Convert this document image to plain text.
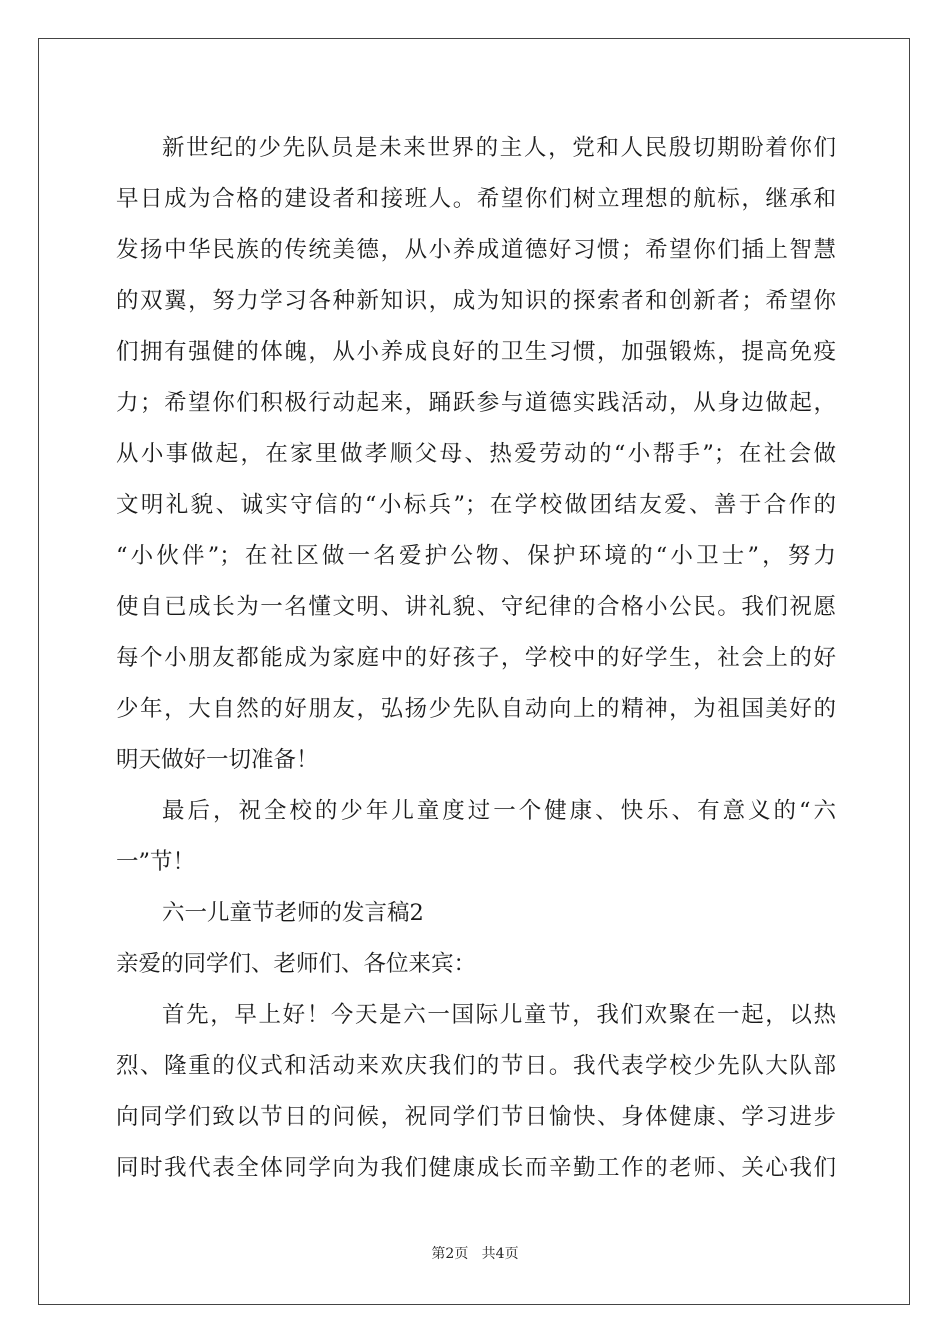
新世纪的少先队员是未来世界的主人，党和人民殷切期盼着你们
早日成为合格的建设者和接班人。希望你们树立理想的航标，继承和
发扬中华民族的传统美德，从小养成道德好习惯；希望你们插上智慧
的双翼，努力学习各种新知识，成为知识的探索者和创新者；希望你
们拥有强健的体魄，从小养成良好的卫生习惯，加强锻炼，提高免疫
力；希望你们积极行动起来，踊跃参与道德实践活动，从身边做起，
从小事做起，在家里做孝顺父母、热爱劳动的“小帮手”；在社会做
文明礼貌、诚实守信的“小标兵”；在学校做团结友爱、善于合作的
“小伙伴”；在社区做一名爱护公物、保护环境的“小卫士”，努力
使自已成长为一名懂文明、讲礼貌、守纪律的合格小公民。我们祝愿
每个小朋友都能成为家庭中的好孩子，学校中的好学生，社会上的好
少年，大自然的好朋友，弘扬少先队自动向上的精神，为祖国美好的
明天做好一切准备！
最后，祝全校的少年儿童度过一个健康、快乐、有意义的“六
一”节！
六一儿童节老师的发言稿2
亲爱的同学们、老师们、各位来宾：
首先，早上好！今天是六一国际儿童节，我们欢聚在一起，以热
烈、隆重的仪式和活动来欢庆我们的节日。我代表学校少先队大队部
向同学们致以节日的问候，祝同学们节日愉快、身体健康、学习进步
同时我代表全体同学向为我们健康成长而辛勤工作的老师、关心我们
第2页   共4页
